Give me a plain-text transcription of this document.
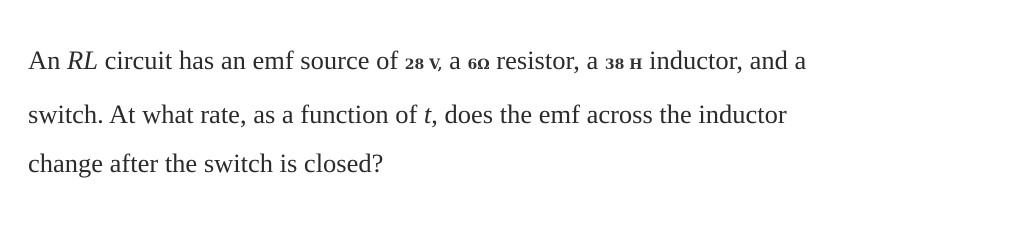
An RL circuit has an emf source of 28 V, a 6Ω resistor, a 38 H inductor, and a
switch. At what rate, as a function of t, does the emf across the inductor
change after the switch is closed?
